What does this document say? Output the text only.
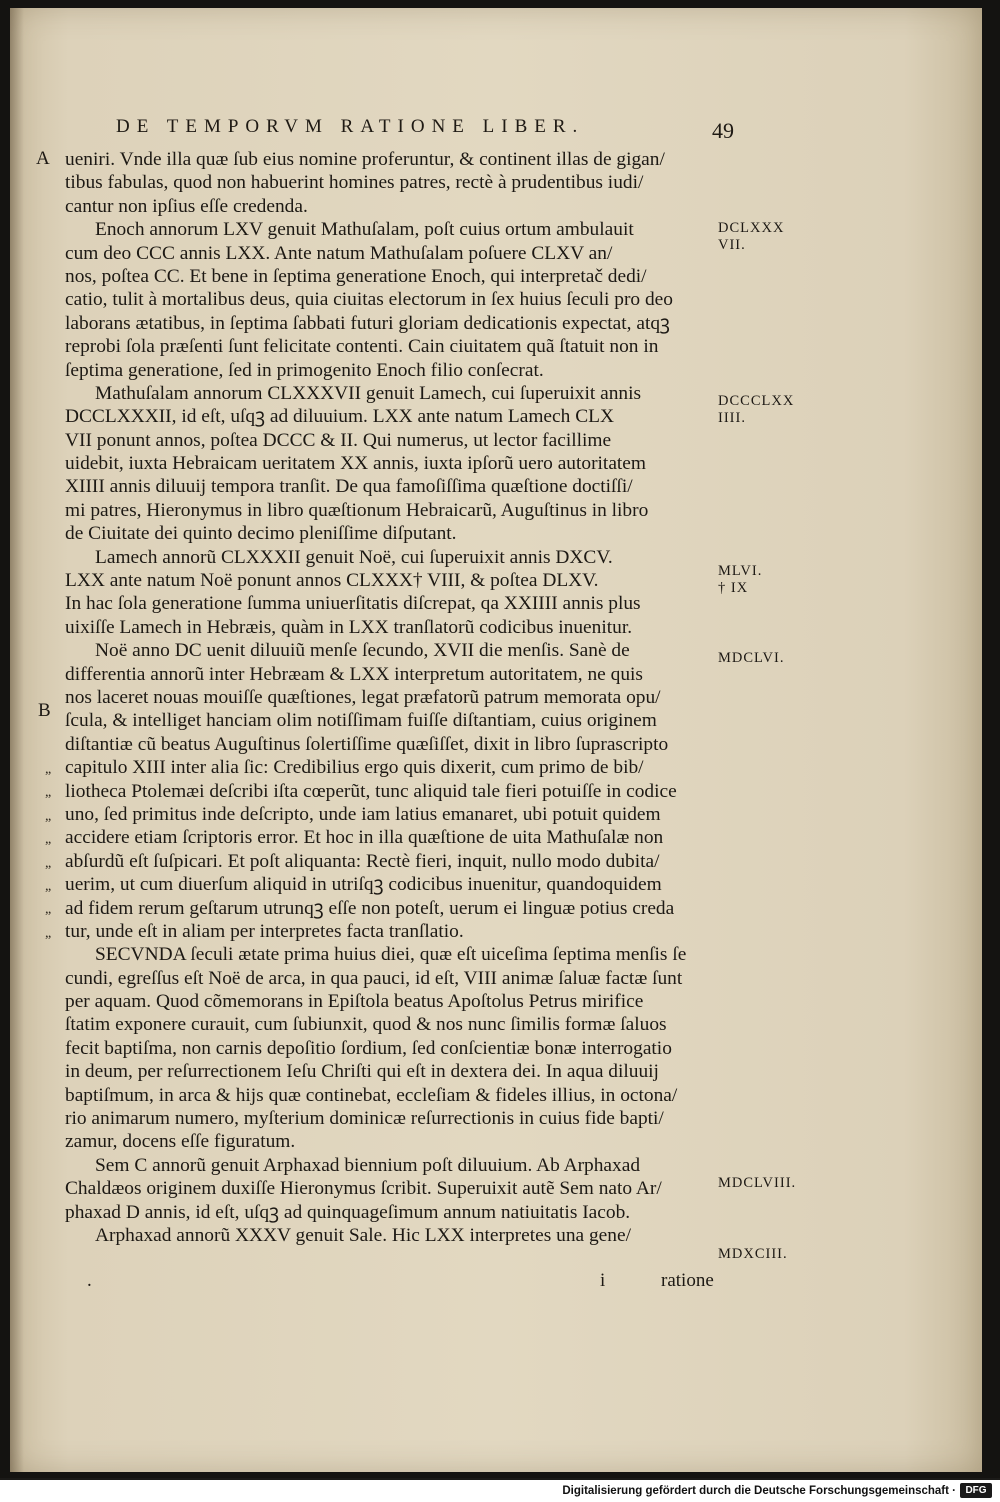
DE TEMPORVM RATIONE LIBER.	49
A
B
ueniri. Vnde illa quæ ſub eius nomine proferuntur, & continent illas de gigan/
tibus fabulas, quod non habuerint homines patres, rectè à prudentibus iudi/
cantur non ipſius eſſe credenda.
Enoch annorum LXV genuit Mathuſalam, poſt cuius ortum ambulauit
cum deo CCC annis LXX. Ante natum Mathuſalam poſuere CLXV an/
nos, poſtea CC. Et bene in ſeptima generatione Enoch, qui interpretač dedi/
catio, tulit à mortalibus deus, quia ciuitas electorum in ſex huius ſeculi pro deo
laborans ætatibus, in ſeptima ſabbati futuri gloriam dedicationis expectat, atqꝫ
reprobi ſola præſenti ſunt felicitate contenti. Cain ciuitatem quã ſtatuit non in
ſeptima generatione, ſed in primogenito Enoch filio conſecrat.
Mathuſalam annorum CLXXXVII genuit Lamech, cui ſuperuixit annis
DCCLXXXII, id eſt, uſqꝫ ad diluuium. LXX ante natum Lamech CLX
VII ponunt annos, poſtea DCCC & II. Qui numerus, ut lector facillime
uidebit, iuxta Hebraicam ueritatem XX annis, iuxta ipſorũ uero autoritatem
XIIII annis diluuij tempora tranſit. De qua famoſiſſima quæſtione doctiſſi/
mi patres, Hieronymus in libro quæſtionum Hebraicarũ, Auguſtinus in libro
de Ciuitate dei quinto decimo pleniſſime diſputant.
Lamech annorũ CLXXXII genuit Noë, cui ſuperuixit annis DXCV.
LXX ante natum Noë ponunt annos CLXXX† VIII, & poſtea DLXV.
In hac ſola generatione ſumma uniuerſitatis diſcrepat, qa XXIIII annis plus
uixiſſe Lamech in Hebræis, quàm in LXX tranſlatorũ codicibus inuenitur.
Noë anno DC uenit diluuiũ menſe ſecundo, XVII die menſis. Sanè de
differentia annorũ inter Hebræam & LXX interpretum autoritatem, ne quis
nos laceret nouas mouiſſe quæſtiones, legat præfatorũ patrum memorata opu/
ſcula, & intelliget hanciam olim notiſſimam fuiſſe diſtantiam, cuius originem
diſtantiæ cũ beatus Auguſtinus ſolertiſſime quæſiſſet, dixit in libro ſuprascripto
capitulo XIII inter alia ſic: Credibilius ergo quis dixerit, cum primo de bib/
liotheca Ptolemæi deſcribi iſta cœperũt, tunc aliquid tale fieri potuiſſe in codice
uno, ſed primitus inde deſcripto, unde iam latius emanaret, ubi potuit quidem
accidere etiam ſcriptoris error. Et hoc in illa quæſtione de uita Mathuſalæ non
abſurdũ eſt ſuſpicari. Et poſt aliquanta: Rectè fieri, inquit, nullo modo dubita/
uerim, ut cum diuerſum aliquid in utriſqꝫ codicibus inuenitur, quandoquidem
ad fidem rerum geſtarum utrunqꝫ eſſe non poteſt, uerum ei linguæ potius creda
tur, unde eſt in aliam per interpretes facta tranſlatio.
SECVNDA ſeculi ætate prima huius diei, quæ eſt uiceſima ſeptima menſis ſe
cundi, egreſſus eſt Noë de arca, in qua pauci, id eſt, VIII animæ ſaluæ factæ ſunt
per aquam. Quod cõmemorans in Epiſtola beatus Apoſtolus Petrus mirifice
ſtatim exponere curauit, cum ſubiunxit, quod & nos nunc ſimilis formæ ſaluos
fecit baptiſma, non carnis depoſitio ſordium, ſed conſcientiæ bonæ interrogatio
in deum, per reſurrectionem Ieſu Chriſti qui eſt in dextera dei. In aqua diluuij
baptiſmum, in arca & hijs quæ continebat, eccleſiam & fideles illius, in octona/
rio animarum numero, myſterium dominicæ reſurrectionis in cuius fide bapti/
zamur, docens eſſe figuratum.
Sem C annorũ genuit Arphaxad biennium poſt diluuium. Ab Arphaxad
Chaldæos originem duxiſſe Hieronymus ſcribit. Superuixit autẽ Sem nato Ar/
phaxad D annis, id eſt, uſqꝫ ad quinquageſimum annum natiuitatis Iacob.
Arphaxad annorũ XXXV genuit Sale. Hic LXX interpretes una gene/
„
„
„
„
„
„
„
„
DCLXXX
VII.
DCCCLXX
IIII.
MLVI.
† IX
MDCLVI.
MDCLVIII.
MDXCIII.
.	i	ratione
Digitalisierung gefördert durch die Deutsche Forschungsgemeinschaft · DFG
